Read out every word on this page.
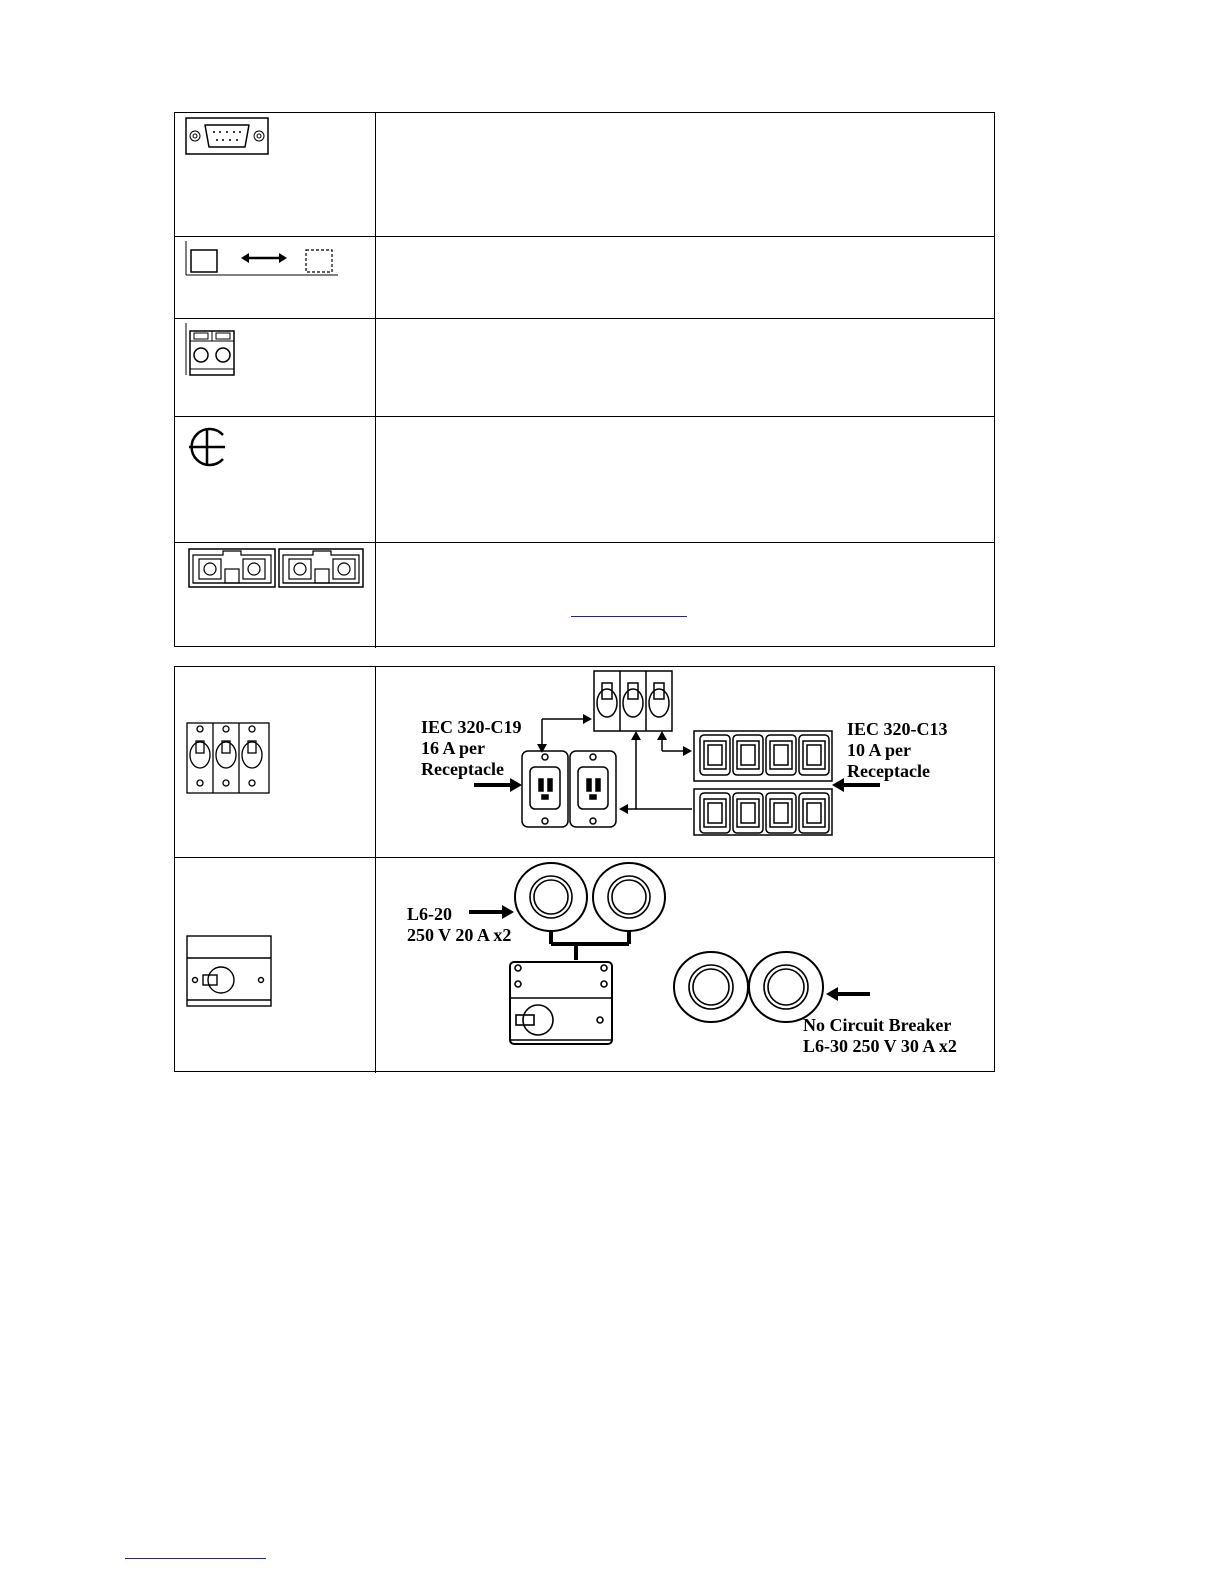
IEC 320-C19
16 A per
Receptacle
IEC 320-C13
10 A per
Receptacle
L6-20
250 V 20 A x2
No Circuit Breaker
L6-30 250 V 30 A x2
